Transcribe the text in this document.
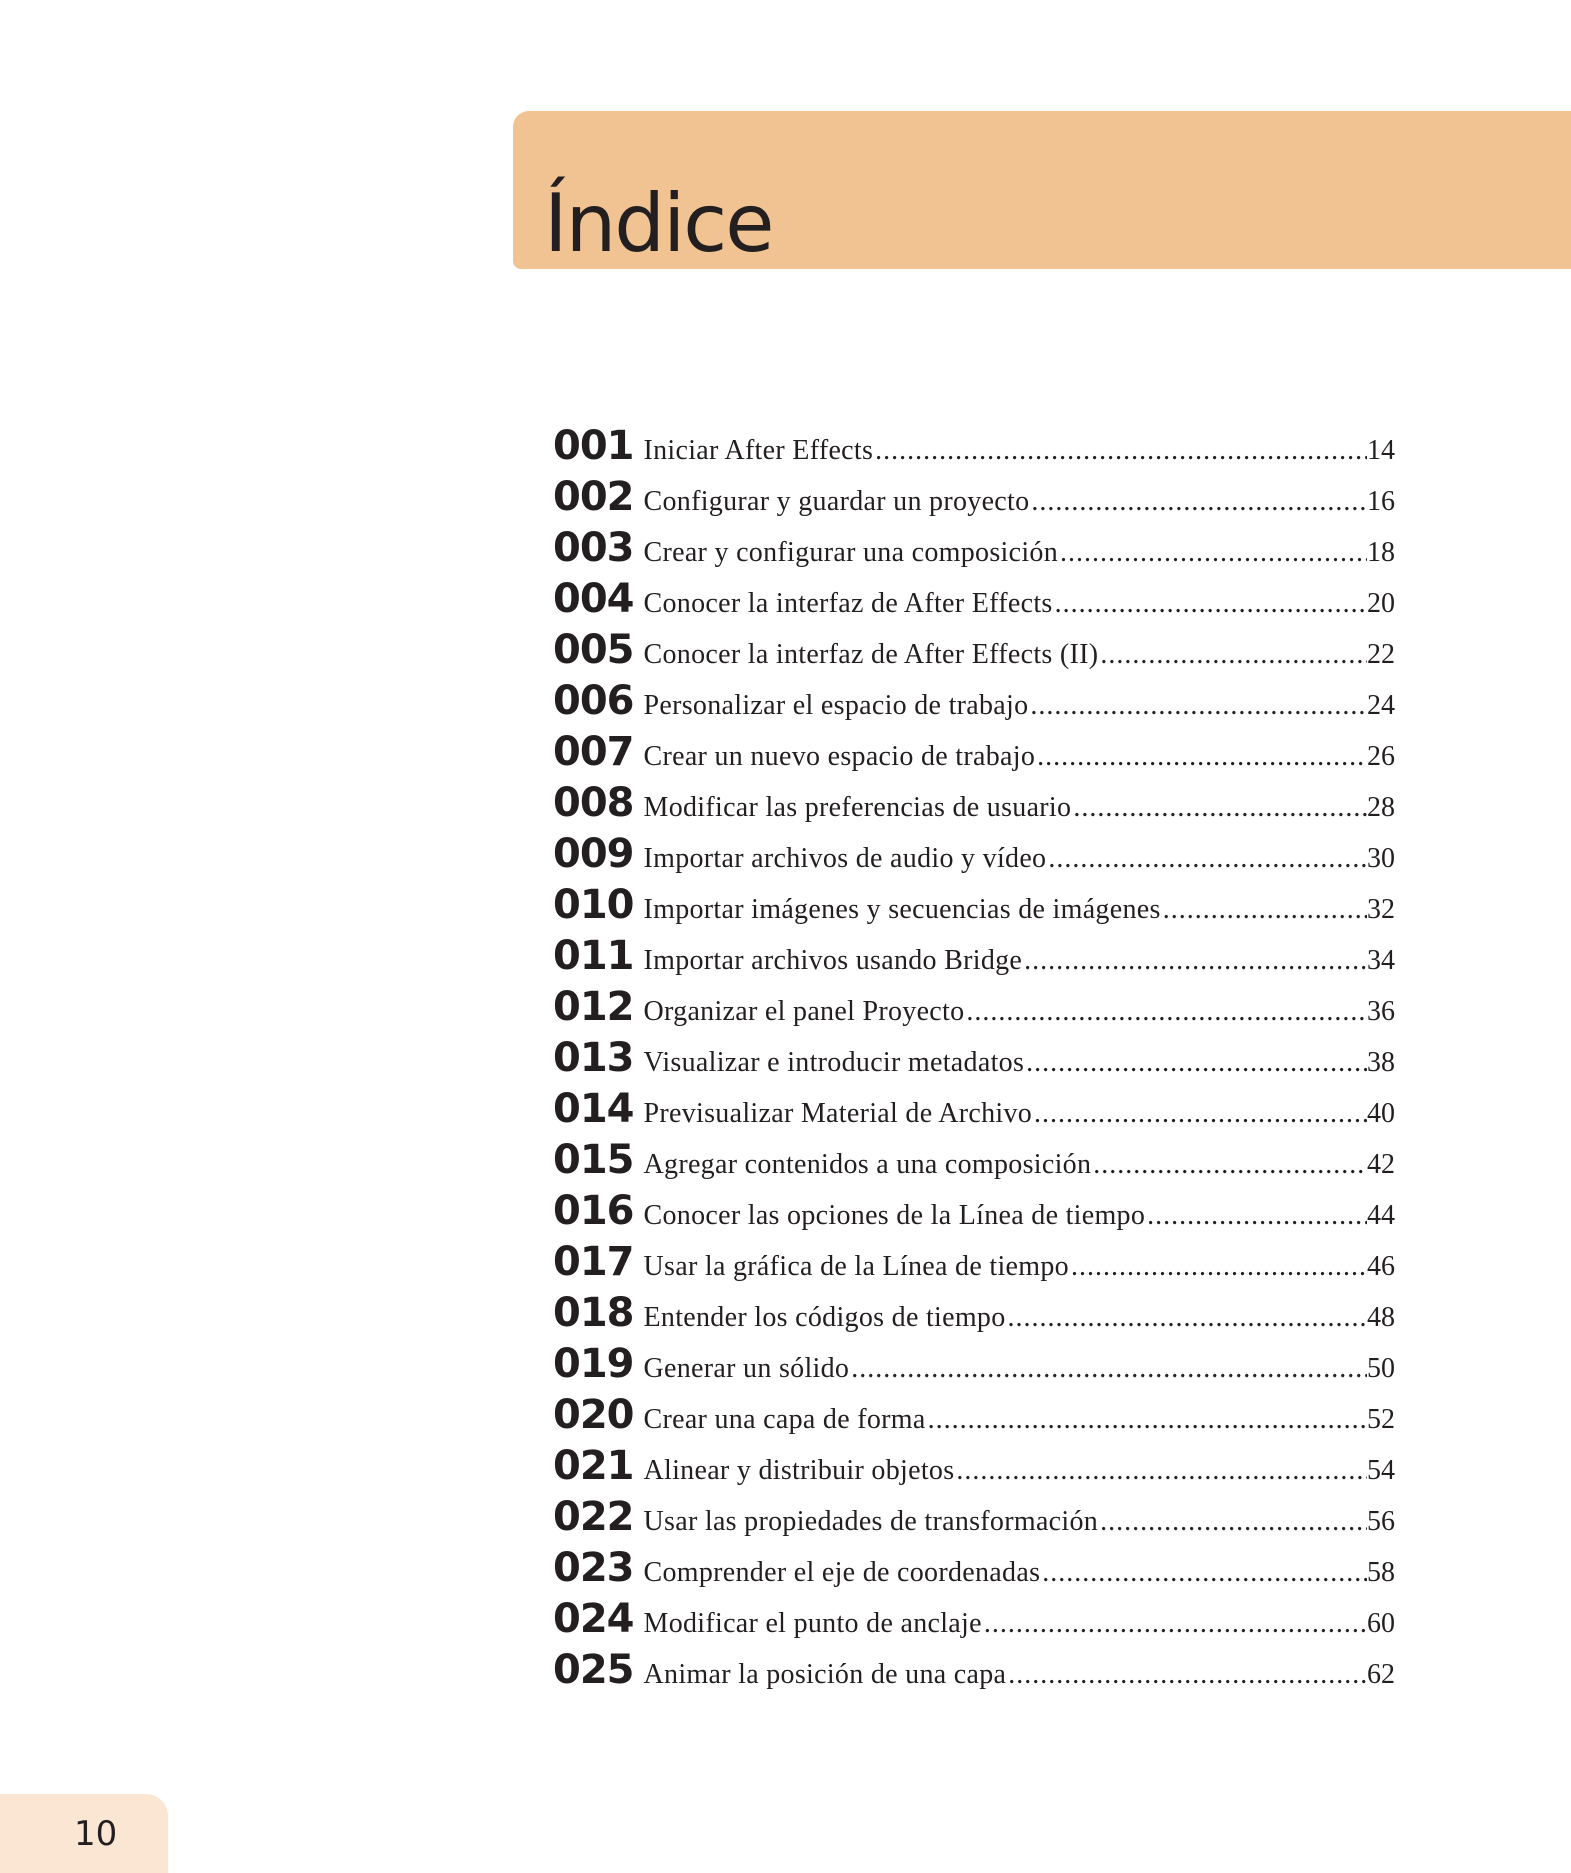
Índice
001 Iniciar After Effects .....	14
002 Configurar y guardar un proyecto .....	16
003 Crear y configurar una composición .....	18
004 Conocer la interfaz de After Effects .....	20
005 Conocer la interfaz de After Effects (II) .....	22
006 Personalizar el espacio de trabajo .....	24
007 Crear un nuevo espacio de trabajo .....	26
008 Modificar las preferencias de usuario .....	28
009 Importar archivos de audio y vídeo .....	30
010 Importar imágenes y secuencias de imágenes .....	32
011 Importar archivos usando Bridge .....	34
012 Organizar el panel Proyecto .....	36
013 Visualizar e introducir metadatos .....	38
014 Previsualizar Material de Archivo .....	40
015 Agregar contenidos a una composición .....	42
016 Conocer las opciones de la Línea de tiempo .....	44
017 Usar la gráfica de la Línea de tiempo .....	46
018 Entender los códigos de tiempo .....	48
019 Generar un sólido .....	50
020 Crear una capa de forma .....	52
021 Alinear y distribuir objetos .....	54
022 Usar las propiedades de transformación .....	56
023 Comprender el eje de coordenadas .....	58
024 Modificar el punto de anclaje .....	60
025 Animar la posición de una capa .....	62
10
